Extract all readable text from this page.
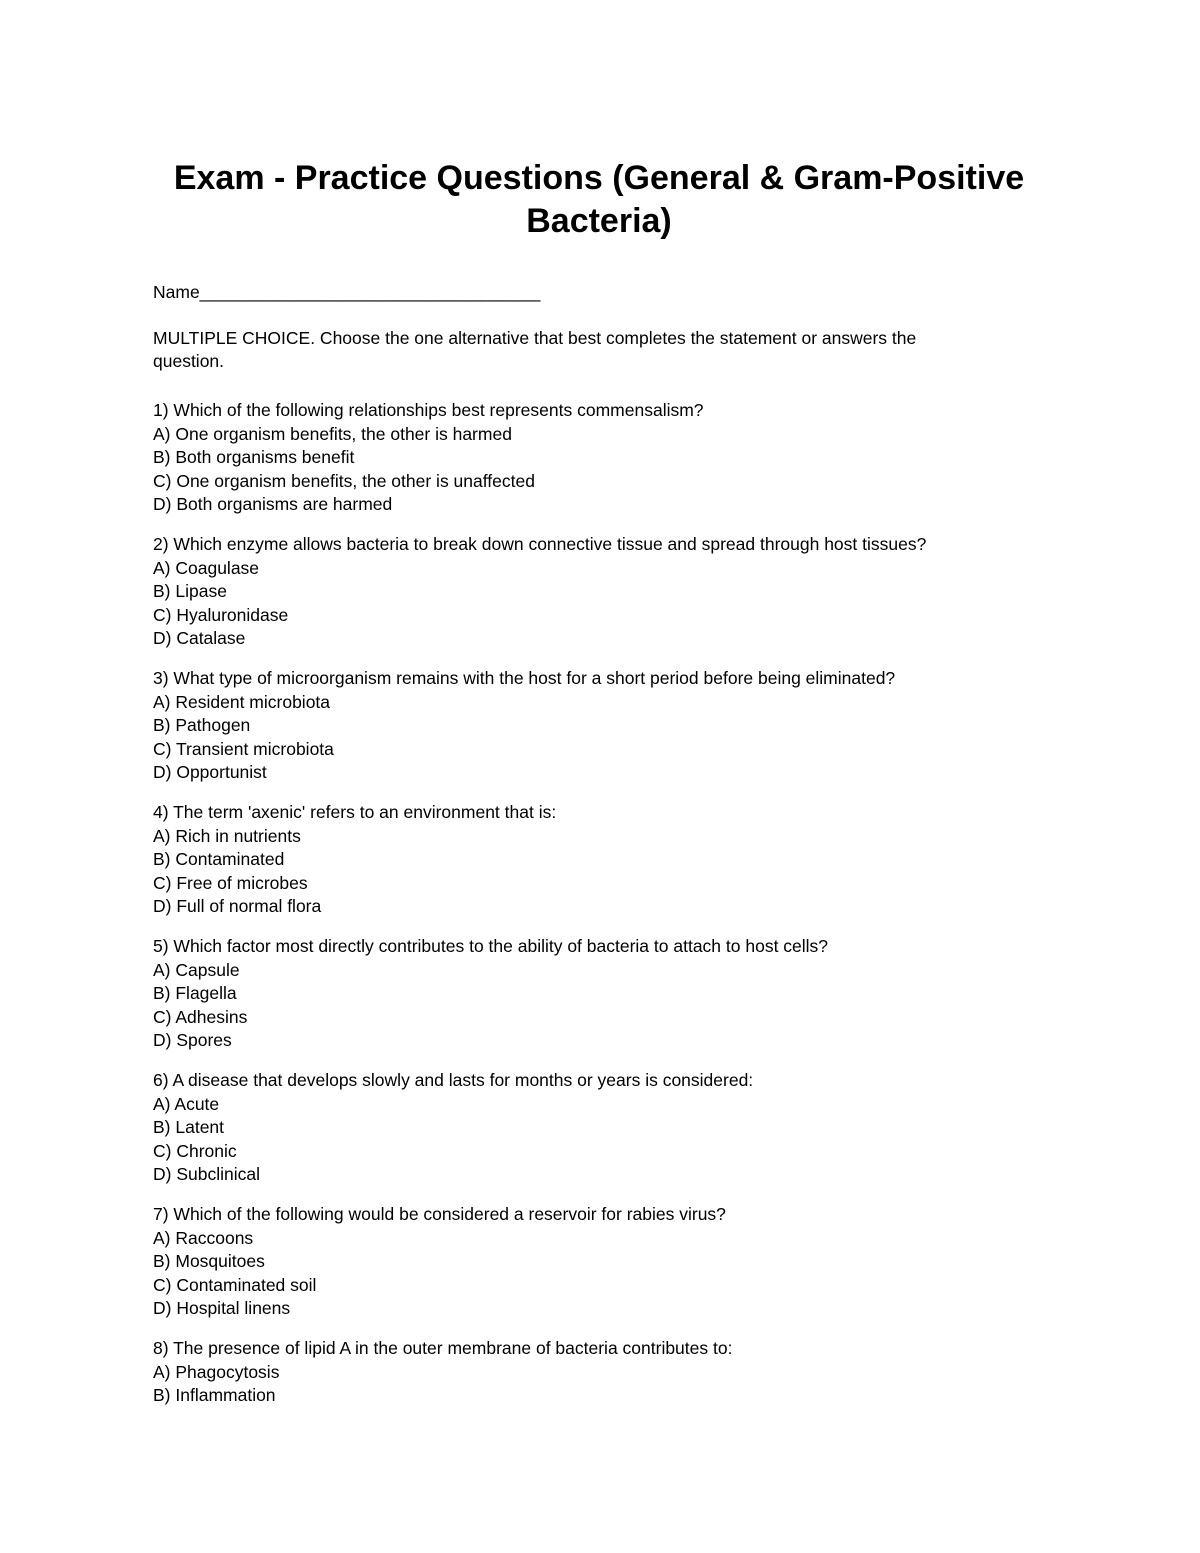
Exam - Practice Questions (General & Gram-Positive
Bacteria)
Name___________________________________
MULTIPLE CHOICE. Choose the one alternative that best completes the statement or answers the
question.
1) Which of the following relationships best represents commensalism?
A) One organism benefits, the other is harmed
B) Both organisms benefit
C) One organism benefits, the other is unaffected
D) Both organisms are harmed
2) Which enzyme allows bacteria to break down connective tissue and spread through host tissues?
A) Coagulase
B) Lipase
C) Hyaluronidase
D) Catalase
3) What type of microorganism remains with the host for a short period before being eliminated?
A) Resident microbiota
B) Pathogen
C) Transient microbiota
D) Opportunist
4) The term 'axenic' refers to an environment that is:
A) Rich in nutrients
B) Contaminated
C) Free of microbes
D) Full of normal flora
5) Which factor most directly contributes to the ability of bacteria to attach to host cells?
A) Capsule
B) Flagella
C) Adhesins
D) Spores
6) A disease that develops slowly and lasts for months or years is considered:
A) Acute
B) Latent
C) Chronic
D) Subclinical
7) Which of the following would be considered a reservoir for rabies virus?
A) Raccoons
B) Mosquitoes
C) Contaminated soil
D) Hospital linens
8) The presence of lipid A in the outer membrane of bacteria contributes to:
A) Phagocytosis
B) Inflammation
